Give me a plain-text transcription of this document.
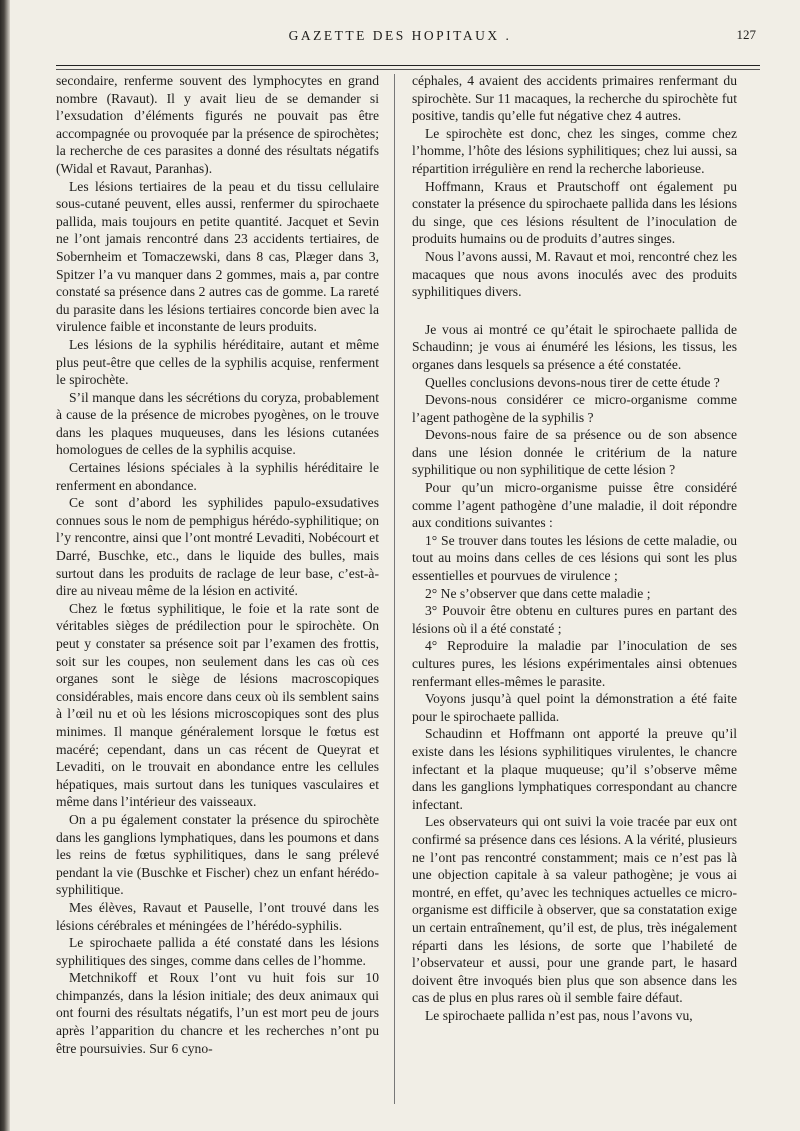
GAZETTE DES HOPITAUX .	127

secondaire, renferme souvent des lymphocytes en grand nombre (Ravaut). Il y avait lieu de se demander si l’exsudation d’éléments figurés ne pouvait pas être accompagnée ou provoquée par la présence de spirochètes; la recherche de ces parasites a donné des résultats négatifs (Widal et Ravaut, Paranhas).

Les lésions tertiaires de la peau et du tissu cellulaire sous-cutané peuvent, elles aussi, renfermer du spirochaete pallida, mais toujours en petite quantité. Jacquet et Sevin ne l’ont jamais rencontré dans 23 accidents tertiaires, de Sobernheim et Tomaczewski, dans 8 cas, Plæger dans 3, Spitzer l’a vu manquer dans 2 gommes, mais a, par contre constaté sa présence dans 2 autres cas de gomme. La rareté du parasite dans les lésions tertiaires concorde bien avec la virulence faible et inconstante de leurs produits.

Les lésions de la syphilis héréditaire, autant et même plus peut-être que celles de la syphilis acquise, renferment le spirochète.

S’il manque dans les sécrétions du coryza, probablement à cause de la présence de microbes pyogènes, on le trouve dans les plaques muqueuses, dans les lésions cutanées homologues de celles de la syphilis acquise.

Certaines lésions spéciales à la syphilis héréditaire le renferment en abondance.

Ce sont d’abord les syphilides papulo-exsudatives connues sous le nom de pemphigus hérédo-syphilitique; on l’y rencontre, ainsi que l’ont montré Levaditi, Nobécourt et Darré, Buschke, etc., dans le liquide des bulles, mais surtout dans les produits de raclage de leur base, c’est-à-dire au niveau même de la lésion en activité.

Chez le fœtus syphilitique, le foie et la rate sont de véritables sièges de prédilection pour le spirochète. On peut y constater sa présence soit par l’examen des frottis, soit sur les coupes, non seulement dans les cas où ces organes sont le siège de lésions macroscopiques considérables, mais encore dans ceux où ils semblent sains à l’œil nu et où les lésions microscopiques sont des plus minimes. Il manque généralement lorsque le fœtus est macéré; cependant, dans un cas récent de Queyrat et Levaditi, on le trouvait en abondance entre les cellules hépatiques, mais surtout dans les tuniques vasculaires et même dans l’intérieur des vaisseaux.

On a pu également constater la présence du spirochète dans les ganglions lymphatiques, dans les poumons et dans les reins de fœtus syphilitiques, dans le sang prélevé pendant la vie (Buschke et Fischer) chez un enfant hérédo-syphilitique.

Mes élèves, Ravaut et Pauselle, l’ont trouvé dans les lésions cérébrales et méningées de l’hérédo-syphilis.

Le spirochaete pallida a été constaté dans les lésions syphilitiques des singes, comme dans celles de l’homme.

Metchnikoff et Roux l’ont vu huit fois sur 10 chimpanzés, dans la lésion initiale; des deux animaux qui ont fourni des résultats négatifs, l’un est mort peu de jours après l’apparition du chancre et les recherches n’ont pu être poursuivies. Sur 6 cyno-

céphales, 4 avaient des accidents primaires renfermant du spirochète. Sur 11 macaques, la recherche du spirochète fut positive, tandis qu’elle fut négative chez 4 autres.

Le spirochète est donc, chez les singes, comme chez l’homme, l’hôte des lésions syphilitiques; chez lui aussi, sa répartition irrégulière en rend la recherche laborieuse.

Hoffmann, Kraus et Prautschoff ont également pu constater la présence du spirochaete pallida dans les lésions du singe, que ces lésions résultent de l’inoculation de produits humains ou de produits d’autres singes.

Nous l’avons aussi, M. Ravaut et moi, rencontré chez les macaques que nous avons inoculés avec des produits syphilitiques divers.

Je vous ai montré ce qu’était le spirochaete pallida de Schaudinn; je vous ai énuméré les lésions, les tissus, les organes dans lesquels sa présence a été constatée.

Quelles conclusions devons-nous tirer de cette étude ?

Devons-nous considérer ce micro-organisme comme l’agent pathogène de la syphilis ?

Devons-nous faire de sa présence ou de son absence dans une lésion donnée le critérium de la nature syphilitique ou non syphilitique de cette lésion ?

Pour qu’un micro-organisme puisse être considéré comme l’agent pathogène d’une maladie, il doit répondre aux conditions suivantes :

1° Se trouver dans toutes les lésions de cette maladie, ou tout au moins dans celles de ces lésions qui sont les plus essentielles et pourvues de virulence ;

2° Ne s’observer que dans cette maladie ;

3° Pouvoir être obtenu en cultures pures en partant des lésions où il a été constaté ;

4° Reproduire la maladie par l’inoculation de ses cultures pures, les lésions expérimentales ainsi obtenues renfermant elles-mêmes le parasite.

Voyons jusqu’à quel point la démonstration a été faite pour le spirochaete pallida.

Schaudinn et Hoffmann ont apporté la preuve qu’il existe dans les lésions syphilitiques virulentes, le chancre infectant et la plaque muqueuse; qu’il s’observe même dans les ganglions lymphatiques correspondant au chancre infectant.

Les observateurs qui ont suivi la voie tracée par eux ont confirmé sa présence dans ces lésions. A la vérité, plusieurs ne l’ont pas rencontré constamment; mais ce n’est pas là une objection capitale à sa valeur pathogène; je vous ai montré, en effet, qu’avec les techniques actuelles ce micro-organisme est difficile à observer, que sa constatation exige un certain entraînement, qu’il est, de plus, très inégalement réparti dans les lésions, de sorte que l’habileté de l’observateur et aussi, pour une grande part, le hasard doivent être invoqués bien plus que son absence dans les cas de plus en plus rares où il semble faire défaut.

Le spirochaete pallida n’est pas, nous l’avons vu,
